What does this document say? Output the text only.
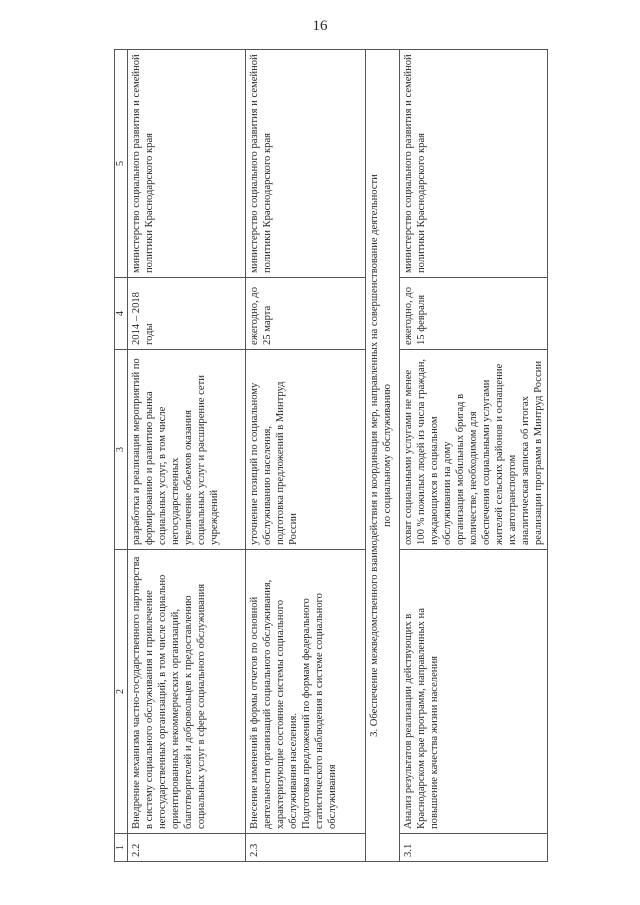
16
1	2	3	4	5
2.2	Внедрение механизма частно-государственного партнерства в систему социального обслуживания и привлечение негосударственных организаций, в том числе социально ориентированных некоммерческих организаций, благотворителей и добровольцев к предоставлению социальных услуг в сфере социального обслуживания	разработка и реализация мероприятий по формированию и развитию рынка социальных услуг, в том числе негосударственных увеличение объемов оказания социальных услуг и расширение сети учреждений	2014 – 2018 годы	министерство социального развития и семейной политики Краснодарского края
2.3	Внесение изменений в формы отчетов по основной деятельности организаций социального обслуживания, характеризующие состояние системы социального обслуживания населения. Подготовка предложений по формам федерального статистического наблюдения в системе социального обслуживания	уточнение позиций по социальному обслуживанию населения, подготовка предложений в Минтруд России	ежегодно, до 25 марта	министерство социального развития и семейной политики Краснодарского края

3. Обеспечение межведомственного взаимодействия и координация мер, направленных на совершенствование деятельности по социальному обслуживанию				

3.1	Анализ результатов реализации действующих в Краснодарском крае программ, направленных на повышение качества жизни населения	охват социальными услугами не менее 100 % пожилых людей из числа граждан, нуждающихся в социальном обслуживании на дому организация мобильных бригад в количестве, необходимом для обеспечения социальными услугами жителей сельских районов и оснащение их автотранспортом аналитическая записка об итогах реализации программ в Минтруд России	ежегодно, до 15 февраля	министерство социального развития и семейной политики Краснодарского края
